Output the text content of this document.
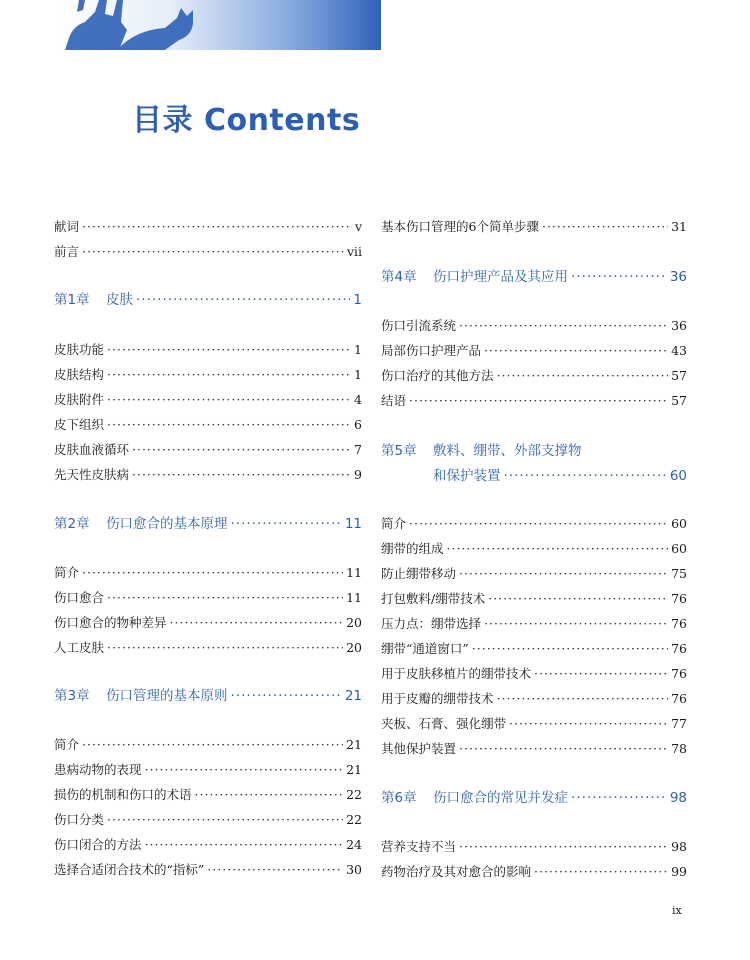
目录 Contents
献词 ·····	v
前言 ·····	vii
第1章	皮肤 ·····	1
皮肤功能 ·····	1
皮肤结构 ·····	1
皮肤附件 ·····	4
皮下组织 ·····	6
皮肤血液循环 ·····	7
先天性皮肤病 ·····	9
第2章	伤口愈合的基本原理 ·····	11
简介 ·····	11
伤口愈合 ·····	11
伤口愈合的物种差异 ·····	20
人工皮肤 ·····	20
第3章	伤口管理的基本原则 ·····	21
简介 ·····	21
患病动物的表现 ·····	21
损伤的机制和伤口的术语 ·····	22
伤口分类 ·····	22
伤口闭合的方法 ·····	24
选择合适闭合技术的“指标” ·····	30
基本伤口管理的6个简单步骤 ·····	31
第4章	伤口护理产品及其应用 ·····	36
伤口引流系统 ·····	36
局部伤口护理产品 ·····	43
伤口治疗的其他方法 ·····	57
结语 ·····	57
第5章	敷料、绷带、外部支撑物
和保护装置 ·····	60
简介 ·····	60
绷带的组成 ·····	60
防止绷带移动 ·····	75
打包敷料/绷带技术 ·····	76
压力点：绷带选择 ·····	76
绷带“通道窗口” ·····	76
用于皮肤移植片的绷带技术 ·····	76
用于皮瓣的绷带技术 ·····	76
夹板、石膏、强化绷带 ·····	77
其他保护装置 ·····	78
第6章	伤口愈合的常见并发症 ·····	98
营养支持不当 ·····	98
药物治疗及其对愈合的影响 ·····	99
ix
